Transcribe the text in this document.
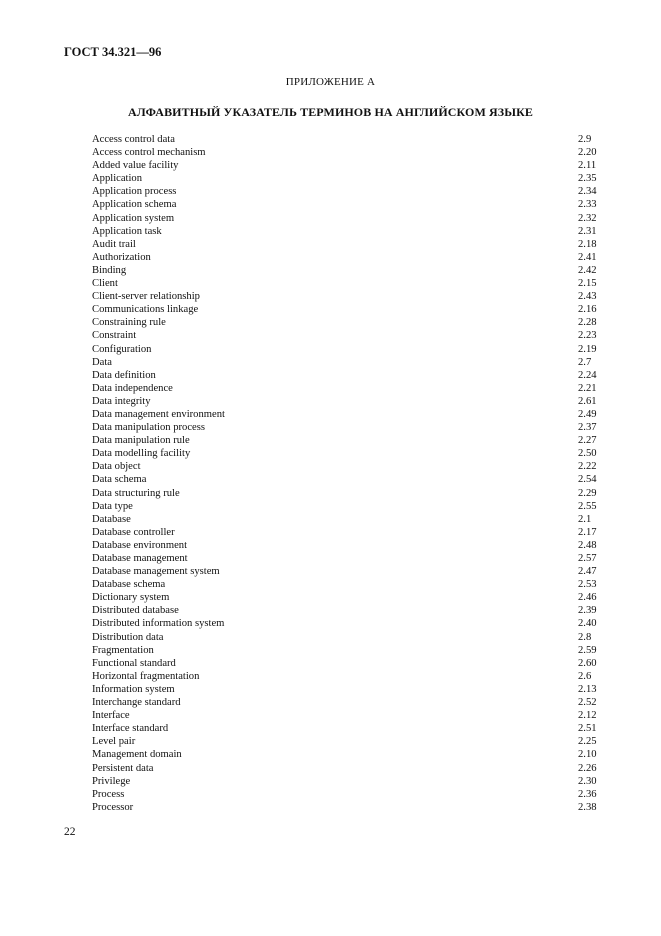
ГОСТ 34.321—96
ПРИЛОЖЕНИЕ А
АЛФАВИТНЫЙ УКАЗАТЕЛЬ ТЕРМИНОВ НА АНГЛИЙСКОМ ЯЗЫКЕ
Access control data	2.9
Access control mechanism	2.20
Added value facility	2.11
Application	2.35
Application process	2.34
Application schema	2.33
Application system	2.32
Application task	2.31
Audit trail	2.18
Authorization	2.41
Binding	2.42
Client	2.15
Client-server relationship	2.43
Communications linkage	2.16
Constraining rule	2.28
Constraint	2.23
Configuration	2.19
Data	2.7
Data definition	2.24
Data independence	2.21
Data integrity	2.61
Data management environment	2.49
Data manipulation process	2.37
Data manipulation rule	2.27
Data modelling facility	2.50
Data object	2.22
Data schema	2.54
Data structuring rule	2.29
Data type	2.55
Database	2.1
Database controller	2.17
Database environment	2.48
Database management	2.57
Database management system	2.47
Database schema	2.53
Dictionary system	2.46
Distributed database	2.39
Distributed information system	2.40
Distribution data	2.8
Fragmentation	2.59
Functional standard	2.60
Horizontal fragmentation	2.6
Information system	2.13
Interchange standard	2.52
Interface	2.12
Interface standard	2.51
Level pair	2.25
Management domain	2.10
Persistent data	2.26
Privilege	2.30
Process	2.36
Processor	2.38
22
